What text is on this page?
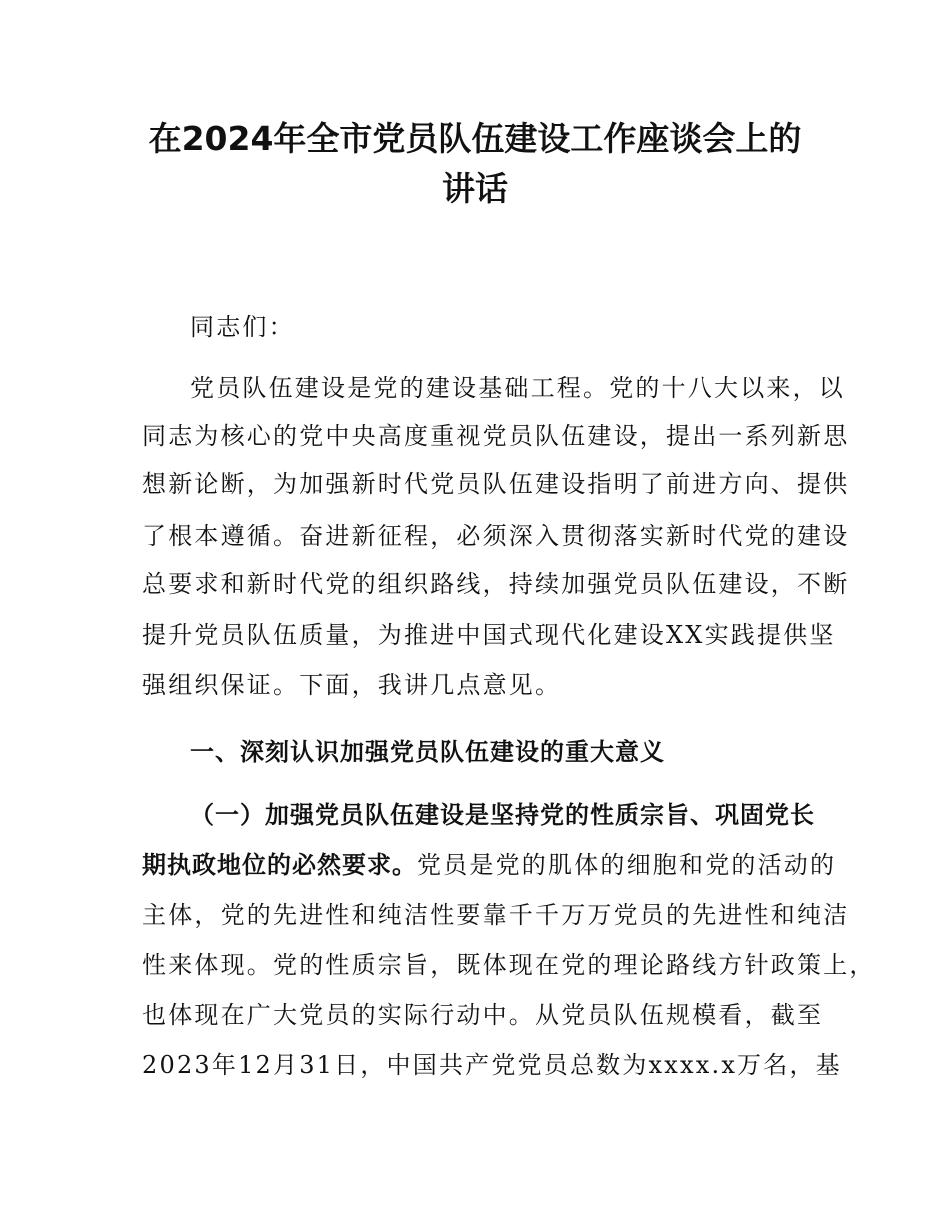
在2024年全市党员队伍建设工作座谈会上的
讲话
同志们：
党员队伍建设是党的建设基础工程。党的十八大以来，以
同志为核心的党中央高度重视党员队伍建设，提出一系列新思
想新论断，为加强新时代党员队伍建设指明了前进方向、提供
了根本遵循。奋进新征程，必须深入贯彻落实新时代党的建设
总要求和新时代党的组织路线，持续加强党员队伍建设，不断
提升党员队伍质量，为推进中国式现代化建设XX实践提供坚
强组织保证。下面，我讲几点意见。
一、深刻认识加强党员队伍建设的重大意义
（一）加强党员队伍建设是坚持党的性质宗旨、巩固党长
期执政地位的必然要求。党员是党的肌体的细胞和党的活动的
主体，党的先进性和纯洁性要靠千千万万党员的先进性和纯洁
性来体现。党的性质宗旨，既体现在党的理论路线方针政策上，
也体现在广大党员的实际行动中。从党员队伍规模看，截至
2023年12月31日，中国共产党党员总数为xxxx.x万名，基
